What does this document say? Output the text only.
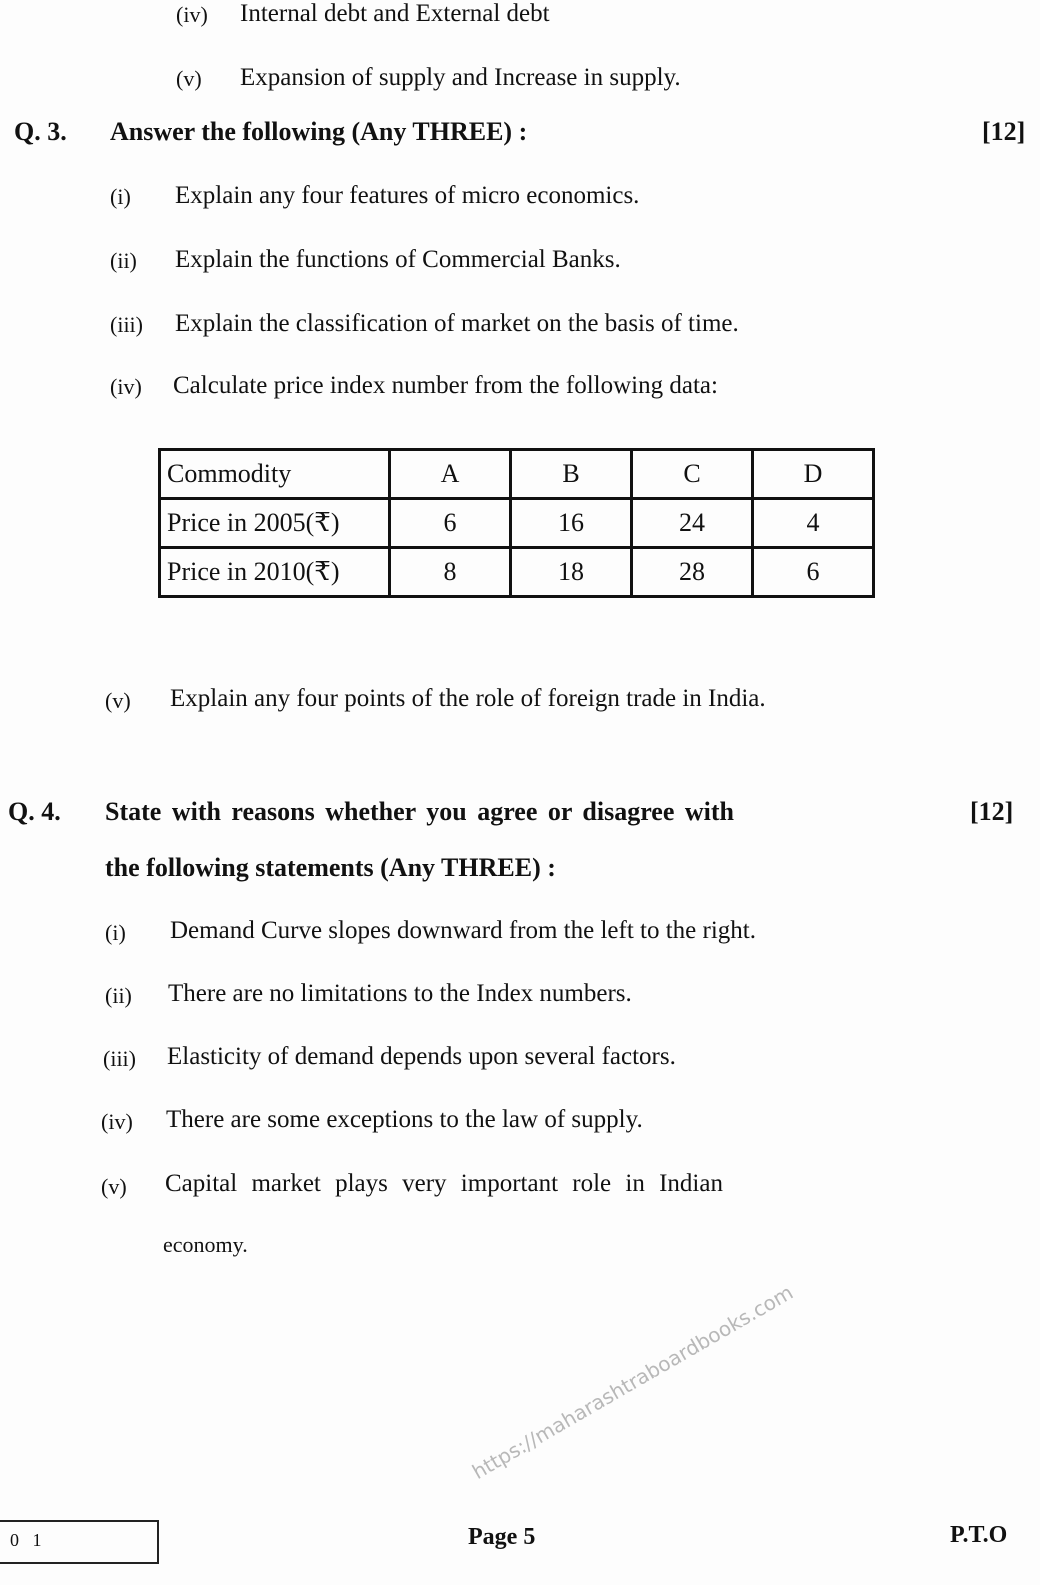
https://maharashtraboardbooks.com
(iv) Internal debt and External debt
(v) Expansion of supply and Increase in supply.
Q. 3. Answer the following (Any THREE) :	[12]
(i) Explain any four features of micro economics.
(ii) Explain the functions of Commercial Banks.
(iii) Explain the classification of market on the basis of time.
(iv) Calculate price index number from the following data:
Commodity	A	B	C	D
Price in 2005(₹)	6	16	24	4
Price in 2010(₹)	8	18	28	6
(v) Explain any four points of the role of foreign trade in India.
Q. 4. State with reasons whether you agree or disagree with	[12]
the following statements (Any THREE) :
(i) Demand Curve slopes downward from the left to the right.
(ii) There are no limitations to the Index numbers.
(iii) Elasticity of demand depends upon several factors.
(iv) There are some exceptions to the law of supply.
(v) Capital market plays very important role in Indian
economy.
0   1	Page 5	P.T.O
